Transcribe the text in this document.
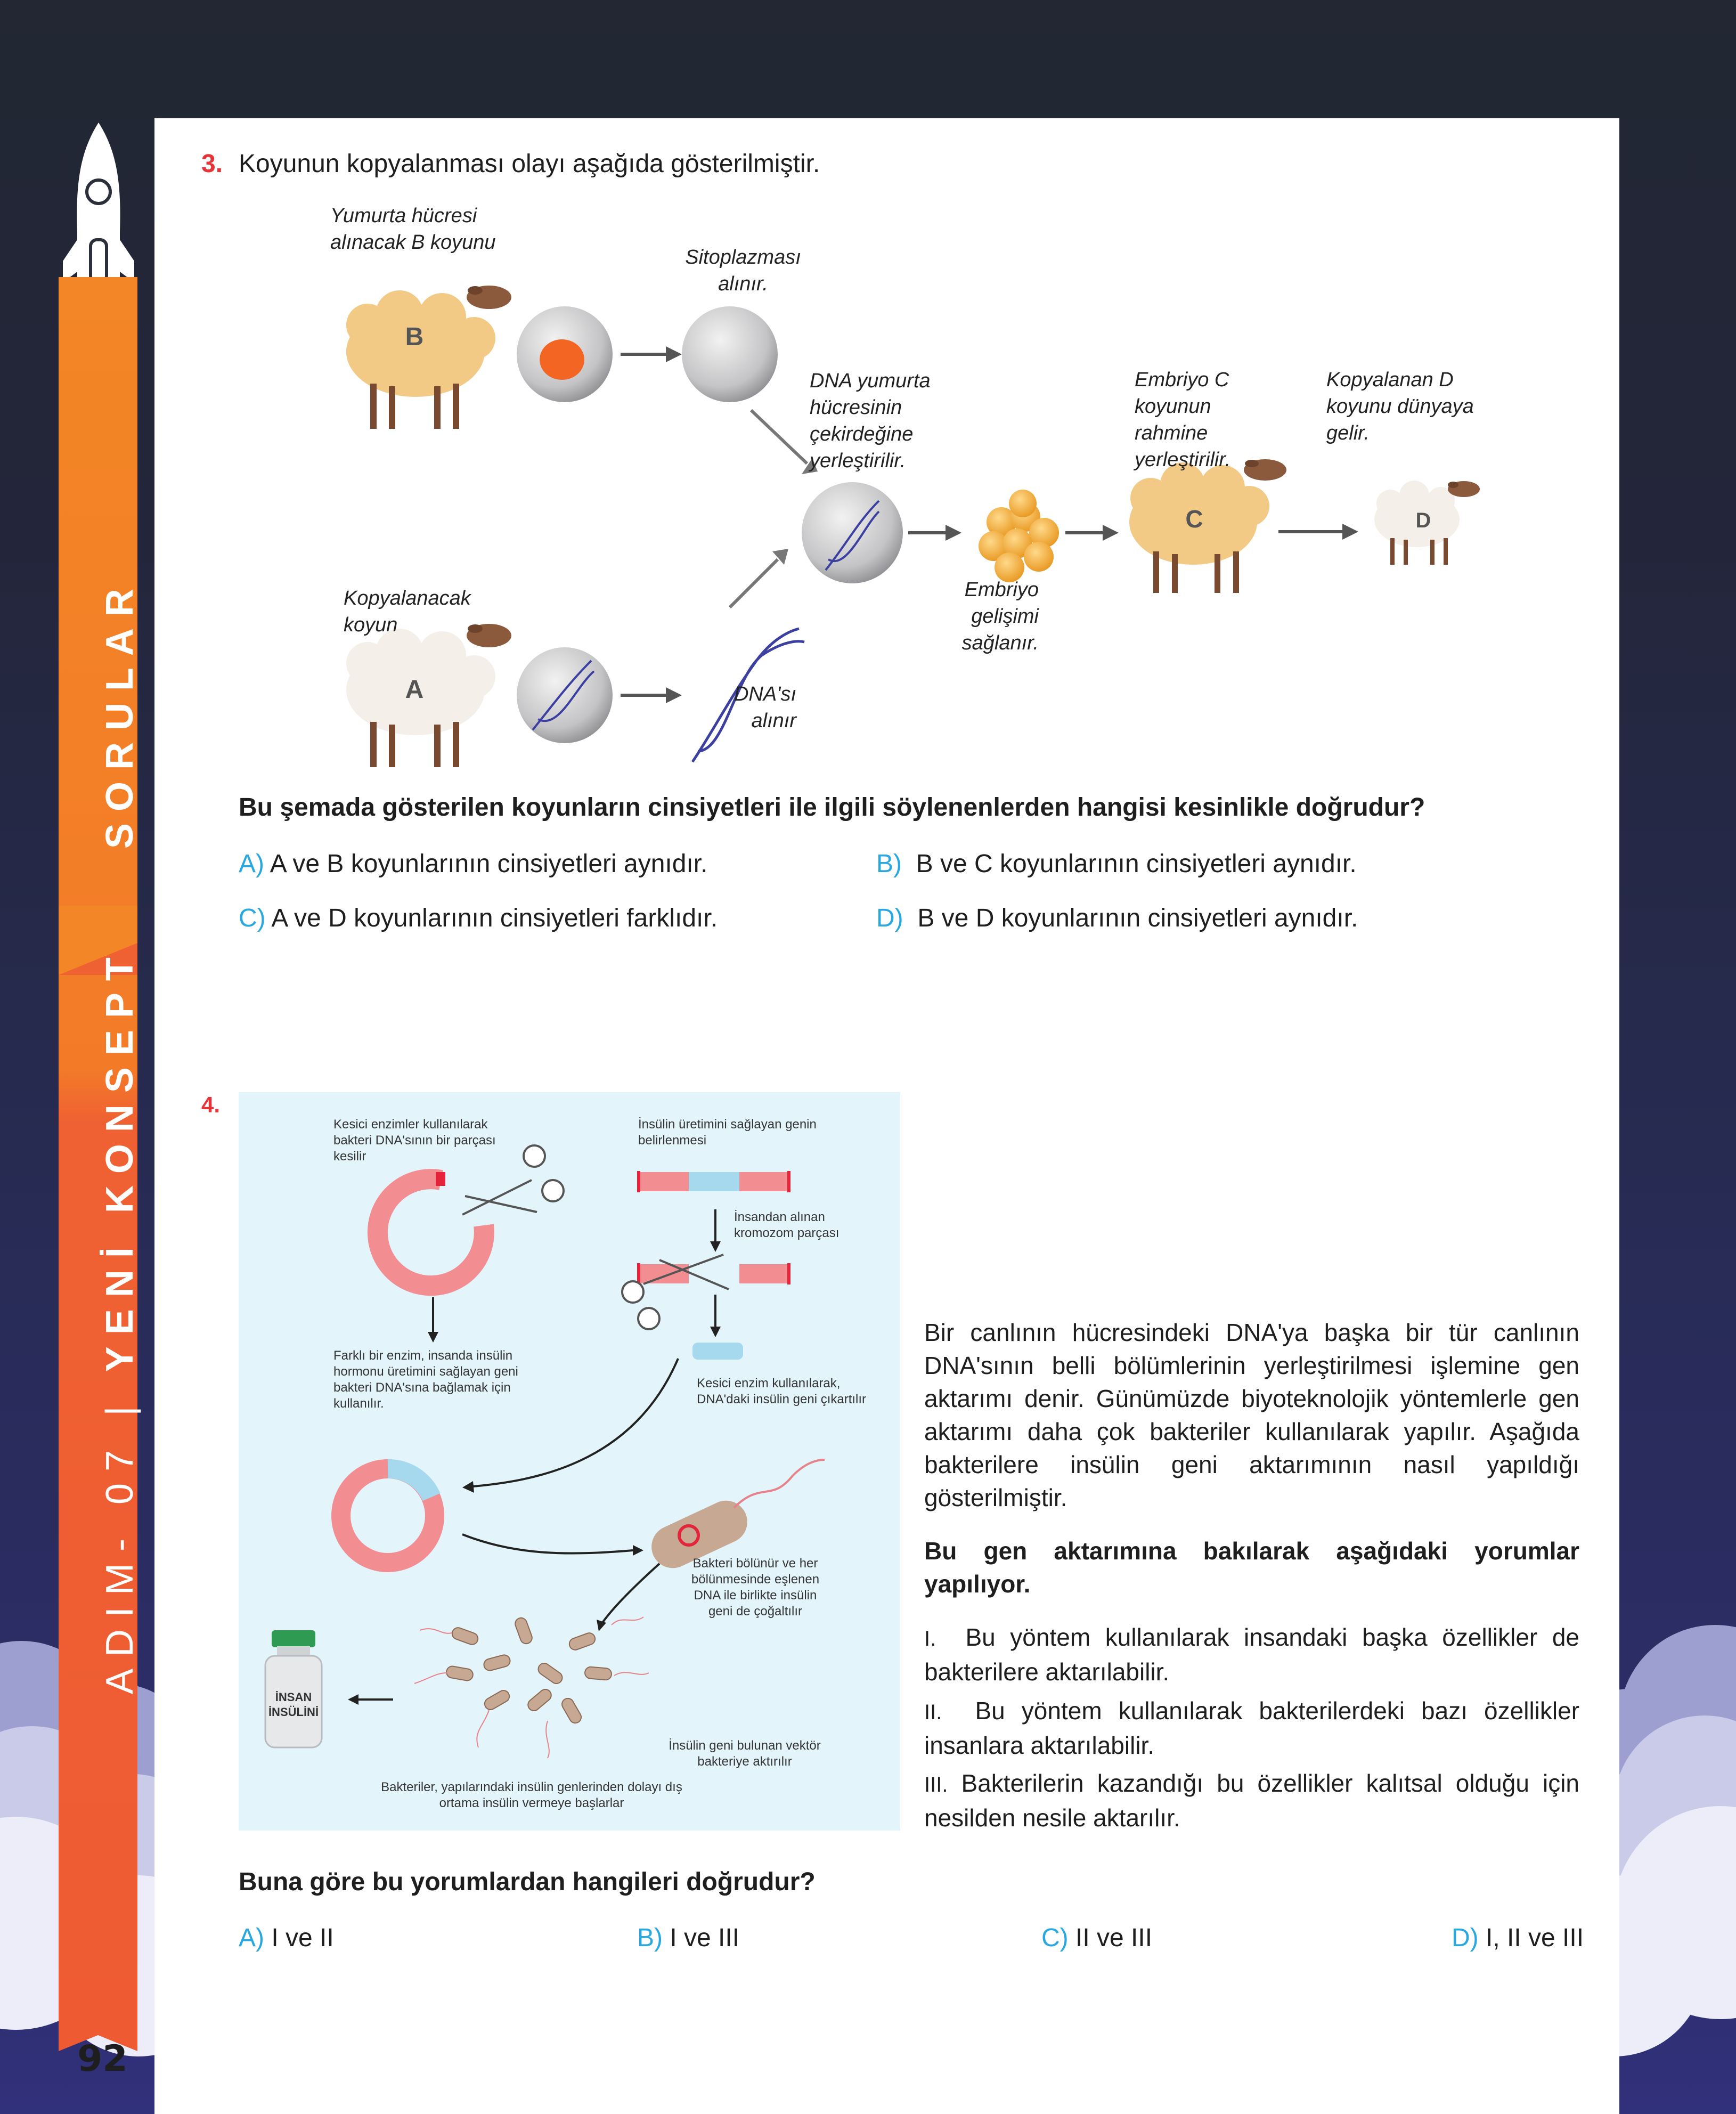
ADIM- 07 | YENİ KONSEPT SORULAR
92
3. Koyunun kopyalanması olayı aşağıda gösterilmiştir.
B
A
C	D
Yumurta hücresi alınacak B koyunu
Sitoplazması alınır.
DNA yumurta hücresinin çekirdeğine yerleştirilir.
Embriyo C koyunun rahmine yerleştirilir.
Kopyalanan D koyunu dünyaya gelir.
Kopyalanacak koyun
DNA'sı alınır
Embriyo gelişimi sağlanır.
Bu şemada gösterilen koyunların cinsiyetleri ile ilgili söylenenlerden hangisi kesinlikle doğrudur?
A) A ve B koyunlarının cinsiyetleri aynıdır.	B) B ve C koyunlarının cinsiyetleri aynıdır.
C) A ve D koyunlarının cinsiyetleri farklıdır.	D) B ve D koyunlarının cinsiyetleri aynıdır.
4.
Kesici enzimler kullanılarak bakteri DNA'sının bir parçası kesilir
İnsülin üretimini sağlayan genin belirlenmesi
İnsandan alınan kromozom parçası
Farklı bir enzim, insanda insülin hormonu üretimini sağlayan geni bakteri DNA'sına bağlamak için kullanılır.
Kesici enzim kullanılarak, DNA'daki insülin geni çıkartılır
Bakteri bölünür ve her bölünmesinde eşlenen DNA ile birlikte insülin geni de çoğaltılır
İnsülin geni bulunan vektör bakteriye aktırılır
Bakteriler, yapılarındaki insülin genlerinden dolayı dış ortama insülin vermeye başlarlar
İNSAN
İNSÜLİNİ
Bir canlının hücresindeki DNA'ya başka bir tür canlının DNA'sının belli bölümlerinin yerleştirilmesi işlemine gen aktarımı denir. Günümüzde biyoteknolojik yöntemlerle gen aktarımı daha çok bakteriler kullanılarak yapılır. Aşağıda bakterilere insülin geni aktarımının nasıl yapıldığı gösterilmiştir.
Bu gen aktarımına bakılarak aşağıdaki yorumlar yapılıyor.
I. Bu yöntem kullanılarak insandaki başka özellikler de bakterilere aktarılabilir.
II. Bu yöntem kullanılarak bakterilerdeki bazı özellikler insanlara aktarılabilir.
III. Bakterilerin kazandığı bu özellikler kalıtsal olduğu için nesilden nesile aktarılır.
Buna göre bu yorumlardan hangileri doğrudur?
A) I ve II	B) I ve III	C) II ve III	D) I, II ve III
